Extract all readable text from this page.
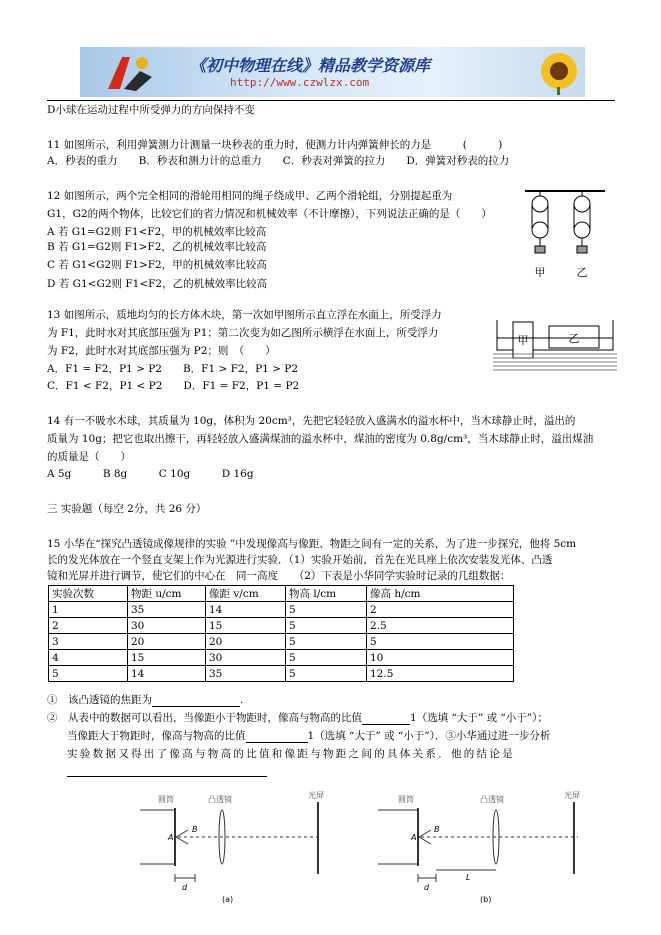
《初中物理在线》精品教学资源库
http://www.czwlzx.com
D小球在运动过程中所受弹力的方向保持不变
11 如图所示，利用弹簧测力计测量一块秒表的重力时，使测力计内弹簧伸长的力是　　　(　　　)
A．秒表的重力　　B．秒表和测力计的总重力　　C．秒表对弹簧的拉力　　D．弹簧对秒表的拉力
12 如图所示，两个完全相同的滑轮用相同的绳子绕成甲、乙两个滑轮组，分别提起重为
G1，G2的两个物体，比较它们的省力情况和机械效率（不计摩擦），下列说法正确的是（　　）
A 若 G1=G2则 F1<F2，甲的机械效率比较高
B 若 G1=G2则 F1>F2，乙的机械效率比较高
C 若 G1<G2则 F1>F2，甲的机械效率比较高
D 若 G1<G2则 F1<F2，乙的机械效率比较高
甲	乙
13 如图所示，质地均匀的长方体木块，第一次如甲图所示直立浮在水面上，所受浮力
为 F1，此时水对其底部压强为 P1；第二次变为如乙图所示横浮在水面上，所受浮力
为 F2，此时水对其底部压强为 P2；则　（　　）
A．F1 = F2，P1 > P2　　B．F1 > F2，P1 > P2
C．F1 < F2，P1 < P2　　D．F1 = F2，P1 = P2
甲	乙
14 有一不吸水木球，其质量为 10g，体积为 20cm³，先把它轻轻放入盛满水的溢水杯中，当木球静止时，溢出的
质量为 10g；把它也取出擦干，再轻轻放入盛满煤油的溢水杯中，煤油的密度为 0.8g/cm³，当木球静止时，溢出煤油
的质量是（　　）
A 5g　　　B 8g　　　C 10g　　　D 16g
三 实验题（每空 2分，共 26 分）
15 小华在“探究凸透镜成像规律的实验 ”中发现像高与像距、物距之间有一定的关系，为了进一步探究，他将 5cm
长的发光体放在一个竖直支架上作为光源进行实验．（1）实验开始前，首先在光具座上依次安装发光体、凸透
镜和光屏并进行调节，使它们的中心在　同一高度　　（2）下表是小华同学实验时记录的几组数据：
实验次数	物距 u/cm	像距 v/cm	物高 l/cm	像高 h/cm
1	35	14	5	2
2	30	15	5	2.5
3	20	20	5	5
4	15	30	5	10
5	14	35	5	12.5
①　该凸透镜的焦距为	.
②　从表中的数据可以看出，当像距小于物距时，像高与物高的比值	1（选填 “大于” 或 “小于”）；
当像距大于物距时，像高与物高的比值	1（选填 “大于” 或 “小于”）．③小华通过进一步分析
实验数据又得出了像高与物高的比值和像距与物距之间的具体关系．他的结论是
圆筒	凸透镜	光屏
A
B
d
(a)
圆筒	凸透镜	光屏
A
B
d
L
(b)
